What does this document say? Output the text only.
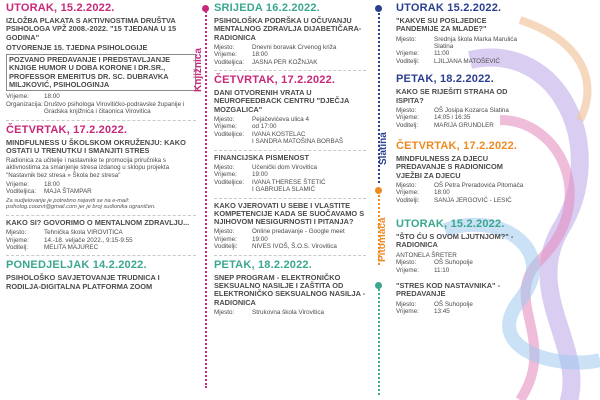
UTORAK, 15.2.2022.
IZLOŽBA PLAKATA S AKTIVNOSTIMA DRUŠTVA PSIHOLOGA VPŽ 2008.-2022. "15 TJEDANA U 15 GODINA"
OTVORENJE 15. TJEDNA PSIHOLOGIJE
POZVANO PREDAVANJE I PREDSTAVLJANJE KNJIGE HUMOR U DOBA KORONE I DR.SR., PROFESSOR EMERITUS DR. SC. DUBRAVKA MILJKOVIĆ, PSIHOLOGINJA
Vrijeme:	18:00
Organizacija: Društvo psihologa Virovitičko-podravske županije i Gradska knjižnica i čitaonica Virovitica
ČETVRTAK, 17.2.2022.
MINDFULNESS U ŠKOLSKOM OKRUŽENJU: KAKO OSTATI U TRENUTKU I SMANJITI STRES
Radionica za učitelje i nastavnike te promocija priručnika s aktivnostima za smanjenje stresa izdanog u sklopu projekta "Nastavnik bez stresa » Škola bez stresa"
Vrijeme:	18:00
Voditeljica:	MAJA ŠTAMPAR
Za sudjelovanje je potrebno najaviti se na e-mail: psiholog.coozvt@gmail.com jer je broj sudionika ograničen.
KAKO SI? GOVORIMO O MENTALNOM ZDRAVLJU...
Mjesto:	Tehnička škola VIROVITICA
Vrijeme:	14.-18. veljače 2022., 9:15-9:55
Voditelj:	MELITA MAJUREC
PONEDJELJAK 14.2.2022.
PSIHOLOŠKO SAVJETOVANJE TRUDNICA I RODILJA-DIGITALNA PLATFORMA ZOOM
Knjižnica
SRIJEDA 16.2.2022.
PSIHOLOŠKA PODRŠKA U OČUVANJU MENTALNOG ZDRAVLJA DIJABETIČARA- RADIONICA
Mjesto:	Dnevni boravak Crvenog križa
Vrijeme:	18:00
Voditeljica:	JASNA PER KOŽNJAK
ČETVRTAK, 17.2.2022.
DANI OTVORENIH VRATA U NEUROFEEDBACK CENTRU "DJEČJA MOZGALICA"
Mjesto:	Pejačevićeva ulica 4
Vrijeme:	od 17:00
Voditeljice:	IVANA KOSTELAC
I SANDRA MATOŠINA BORBAŠ
FINANCIJSKA PISMENOST
Mjesto:	Učenički dom Virovitica
Vrijeme:	19:00
Voditeljice:	IVANA THERESE ŠTETIĆ
I GABRIJELA SLAMIĆ
KAKO VJEROVATI U SEBE I VLASTITE KOMPETENCIJE KADA SE SUOČAVAMO S NJIHOVOM NESIGURNOSTI I PITANJA?
Mjesto:	Online predavanje - Google meet
Vrijeme:	19:00
Voditelji:	NIVES IVOŠ, Š.O.S. Virovitica
PETAK, 18.2.2022.
SNEP PROGRAM - ELEKTRONIČKO SEKSUALNO NASILJE I ZAŠTITA OD ELEKTRONIČKO SEKSUALNOG NASILJA - RADIONICA
Mjesto:	Strukovna škola Virovitica
Slatina
Pitomača
UTORAK 15.2.2022.
"KAKVE SU POSLJEDICE PANDEMIJE ZA MLADE?"
Mjesto:	Srednja škola Marka Marulića Slatina
Vrijeme:	11:00
Voditelji:	LJILJANA MATOŠEVIĆ
PETAK, 18.2.2022.
KAKO SE RIJEŠITI STRAHA OD ISPITA?
Mjesto:	OŠ Josipa Kozarca Slatina
Vrijeme:	14:05 i 16:35
Voditelj:	MARIJA GRUNDLER
ČETVRTAK, 17.2.2022.
MINDFULNESS ZA DJECU PREDAVANJE S RADIONICOM VJEŽBI ZA DJECU
Mjesto:	OŠ Petra Preradovića Pitomača
Vrijeme:	18:00
Voditelji:	SANJA JERGOVIĆ - LESIĆ
UTORAK, 15.2.2022.
"ŠTO ĆU S OVOM LJUTNJOM?" - RADIONICA
ANTONELA ŠRETER
Mjesto:	OŠ Suhopolje
Vrijeme:	11:10
"STRES KOD NASTAVNIKA" - PREDAVANJE
Mjesto:	OŠ Suhopolje
Vrijeme:	13:45
